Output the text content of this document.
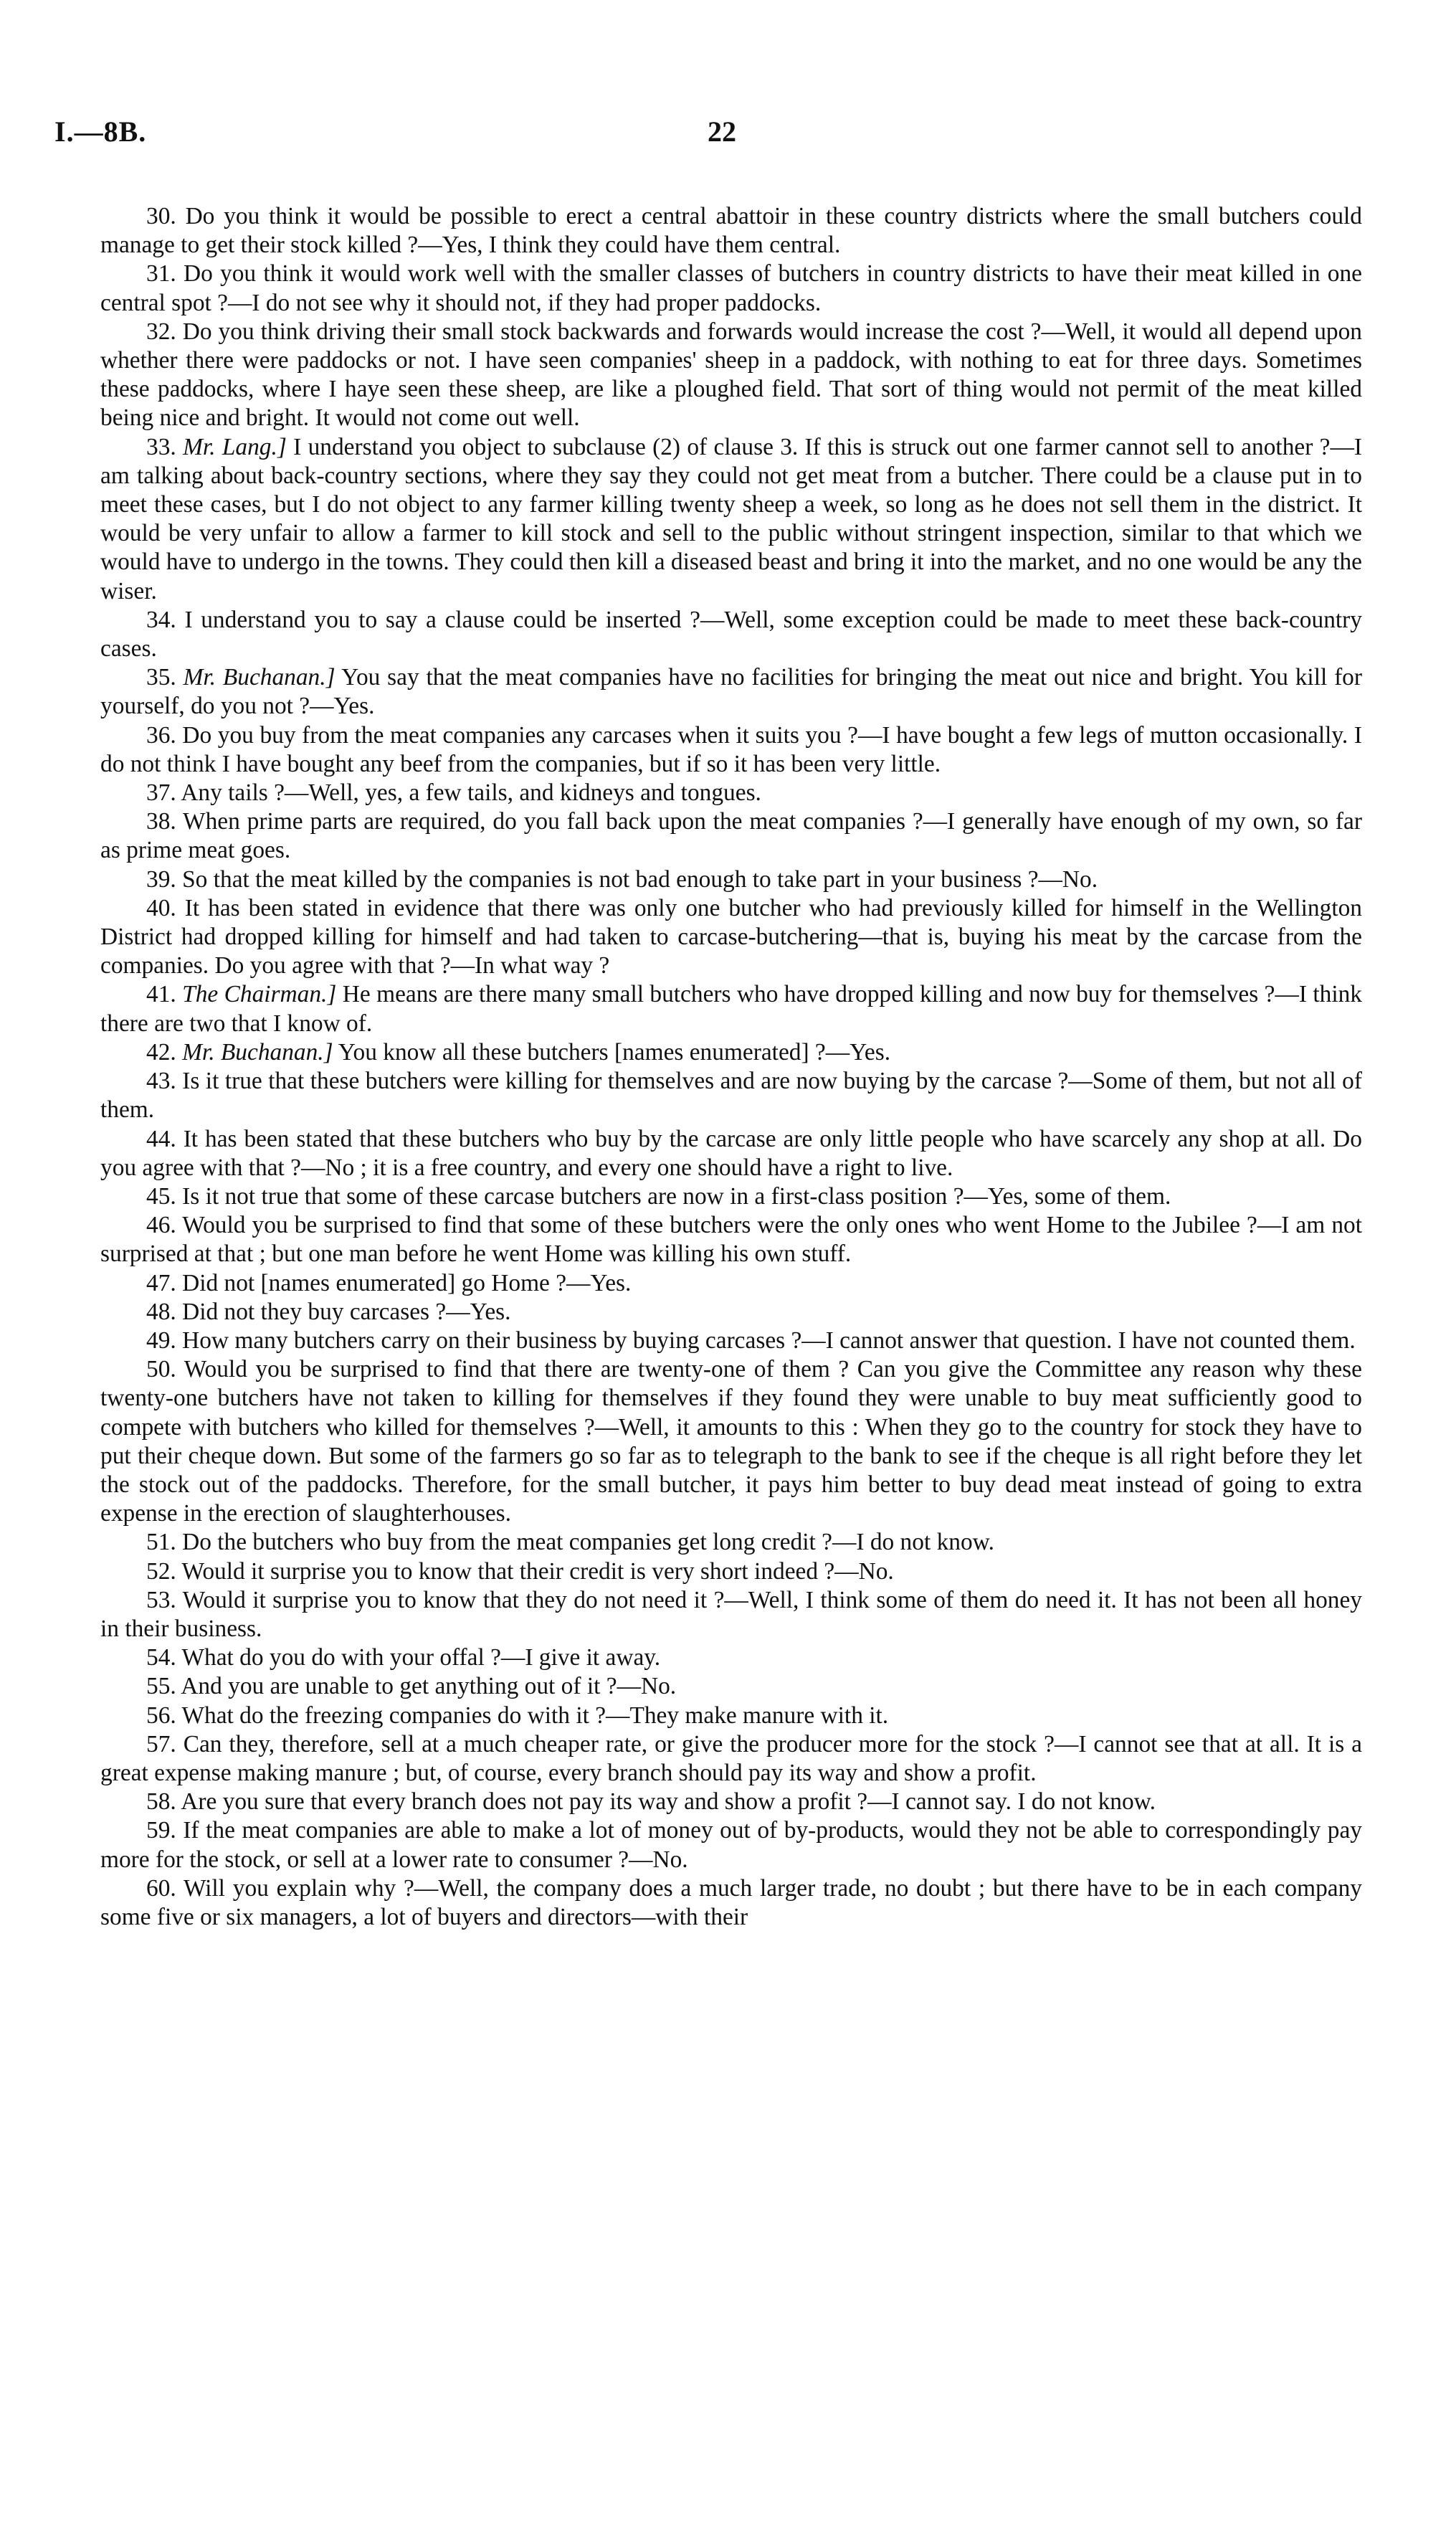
I.—8B.	22

30. Do you think it would be possible to erect a central abattoir in these country districts where the small butchers could manage to get their stock killed ?—Yes, I think they could have them central.

31. Do you think it would work well with the smaller classes of butchers in country districts to have their meat killed in one central spot ?—I do not see why it should not, if they had proper paddocks.

32. Do you think driving their small stock backwards and forwards would increase the cost ?—Well, it would all depend upon whether there were paddocks or not. I have seen companies' sheep in a paddock, with nothing to eat for three days. Sometimes these paddocks, where I haye seen these sheep, are like a ploughed field. That sort of thing would not permit of the meat killed being nice and bright. It would not come out well.

33. Mr. Lang.] I understand you object to subclause (2) of clause 3. If this is struck out one farmer cannot sell to another ?—I am talking about back-country sections, where they say they could not get meat from a butcher. There could be a clause put in to meet these cases, but I do not object to any farmer killing twenty sheep a week, so long as he does not sell them in the district. It would be very unfair to allow a farmer to kill stock and sell to the public without stringent inspection, similar to that which we would have to undergo in the towns. They could then kill a diseased beast and bring it into the market, and no one would be any the wiser.

34. I understand you to say a clause could be inserted ?—Well, some exception could be made to meet these back-country cases.

35. Mr. Buchanan.] You say that the meat companies have no facilities for bringing the meat out nice and bright. You kill for yourself, do you not ?—Yes.

36. Do you buy from the meat companies any carcases when it suits you ?—I have bought a few legs of mutton occasionally. I do not think I have bought any beef from the companies, but if so it has been very little.

37. Any tails ?—Well, yes, a few tails, and kidneys and tongues.

38. When prime parts are required, do you fall back upon the meat companies ?—I generally have enough of my own, so far as prime meat goes.

39. So that the meat killed by the companies is not bad enough to take part in your business ?—No.

40. It has been stated in evidence that there was only one butcher who had previously killed for himself in the Wellington District had dropped killing for himself and had taken to carcase-butchering—that is, buying his meat by the carcase from the companies. Do you agree with that ?—In what way ?

41. The Chairman.] He means are there many small butchers who have dropped killing and now buy for themselves ?—I think there are two that I know of.

42. Mr. Buchanan.] You know all these butchers [names enumerated] ?—Yes.

43. Is it true that these butchers were killing for themselves and are now buying by the carcase ?—Some of them, but not all of them.

44. It has been stated that these butchers who buy by the carcase are only little people who have scarcely any shop at all. Do you agree with that ?—No ; it is a free country, and every one should have a right to live.

45. Is it not true that some of these carcase butchers are now in a first-class position ?—Yes, some of them.

46. Would you be surprised to find that some of these butchers were the only ones who went Home to the Jubilee ?—I am not surprised at that ; but one man before he went Home was killing his own stuff.

47. Did not [names enumerated] go Home ?—Yes.

48. Did not they buy carcases ?—Yes.

49. How many butchers carry on their business by buying carcases ?—I cannot answer that question. I have not counted them.

50. Would you be surprised to find that there are twenty-one of them ? Can you give the Committee any reason why these twenty-one butchers have not taken to killing for themselves if they found they were unable to buy meat sufficiently good to compete with butchers who killed for themselves ?—Well, it amounts to this : When they go to the country for stock they have to put their cheque down. But some of the farmers go so far as to telegraph to the bank to see if the cheque is all right before they let the stock out of the paddocks. Therefore, for the small butcher, it pays him better to buy dead meat instead of going to extra expense in the erection of slaughterhouses.

51. Do the butchers who buy from the meat companies get long credit ?—I do not know.

52. Would it surprise you to know that their credit is very short indeed ?—No.

53. Would it surprise you to know that they do not need it ?—Well, I think some of them do need it. It has not been all honey in their business.

54. What do you do with your offal ?—I give it away.

55. And you are unable to get anything out of it ?—No.

56. What do the freezing companies do with it ?—They make manure with it.

57. Can they, therefore, sell at a much cheaper rate, or give the producer more for the stock ?—I cannot see that at all. It is a great expense making manure ; but, of course, every branch should pay its way and show a profit.

58. Are you sure that every branch does not pay its way and show a profit ?—I cannot say. I do not know.

59. If the meat companies are able to make a lot of money out of by-products, would they not be able to correspondingly pay more for the stock, or sell at a lower rate to consumer ?—No.

60. Will you explain why ?—Well, the company does a much larger trade, no doubt ; but there have to be in each company some five or six managers, a lot of buyers and directors—with their
